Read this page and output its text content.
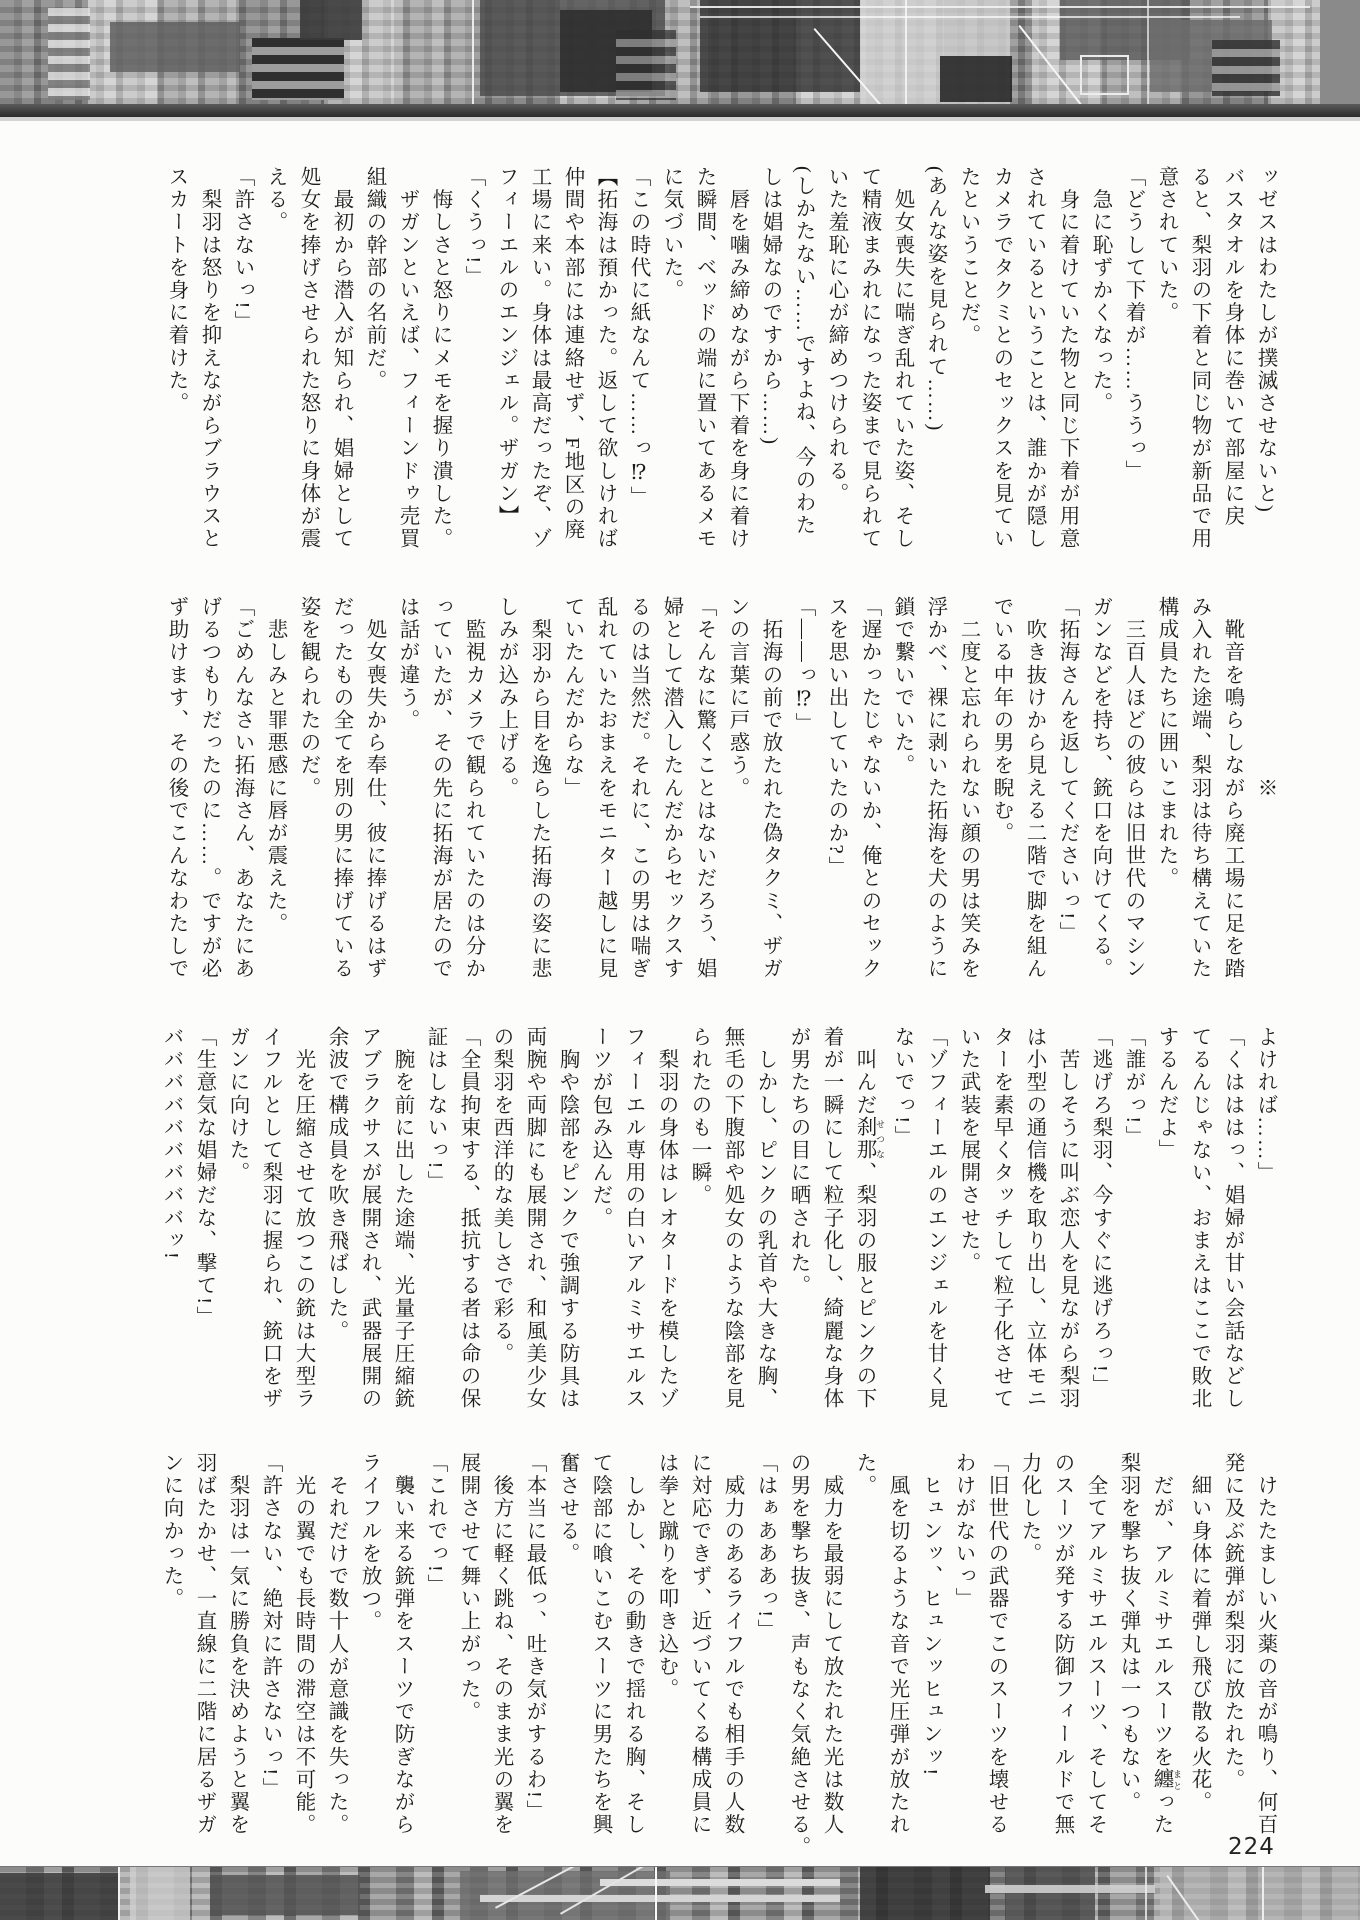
ッゼスはわたしが撲滅させないと)
バスタオルを身体に巻いて部屋に戻
ると、梨羽の下着と同じ物が新品で用
意されていた。
「どうして下着が……ううっ」
　急に恥ずかくなった。
　身に着けていた物と同じ下着が用意
されているということは、誰かが隠し
カメラでタクミとのセックスを見てい
たということだ。
(あんな姿を見られて……)
　処女喪失に喘ぎ乱れていた姿、そし
て精液まみれになった姿まで見られて
いた羞恥に心が締めつけられる。
(しかたない……ですよね、今のわた
しは娼婦なのですから……)
　唇を噛み締めながら下着を身に着け
た瞬間、ベッドの端に置いてあるメモ
に気づいた。
「この時代に紙なんて……っ⁉」
【拓海は預かった。返して欲しければ
仲間や本部には連絡せず、F地区の廃
工場に来い。身体は最高だったぞ、ゾ
フィーエルのエンジェル。ザガン】
「くうっ!」
　悔しさと怒りにメモを握り潰した。
　ザガンといえば、フィーンドゥ売買
組織の幹部の名前だ。
　最初から潜入が知られ、娼婦として
処女を捧げさせられた怒りに身体が震
える。
「許さないっ!」
　梨羽は怒りを抑えながらブラウスと
スカートを身に着けた。
　　　　　　　　※
　靴音を鳴らしながら廃工場に足を踏
み入れた途端、梨羽は待ち構えていた
構成員たちに囲いこまれた。
　三百人ほどの彼らは旧世代のマシン
ガンなどを持ち、銃口を向けてくる。
「拓海さんを返してくださいっ!」
　吹き抜けから見える二階で脚を組ん
でいる中年の男を睨む。
　二度と忘れられない顔の男は笑みを
浮かべ、裸に剥いた拓海を犬のように
鎖で繋いでいた。
「遅かったじゃないか、俺とのセック
スを思い出していたのか?」
「――っ⁉」
　拓海の前で放たれた偽タクミ、ザガ
ンの言葉に戸惑う。
「そんなに驚くことはないだろう、娼
婦として潜入したんだからセックスす
るのは当然だ。それに、この男は喘ぎ
乱れていたおまえをモニター越しに見
ていたんだからな」
　梨羽から目を逸らした拓海の姿に悲
しみが込み上げる。
　監視カメラで観られていたのは分か
っていたが、その先に拓海が居たので
は話が違う。
　処女喪失から奉仕、彼に捧げるはず
だったもの全てを別の男に捧げている
姿を観られたのだ。
　悲しみと罪悪感に唇が震えた。
「ごめんなさい拓海さん、あなたにあ
げるつもりだったのに……。ですが必
ず助けます、その後でこんなわたしで
よければ……」
「くはははっ、娼婦が甘い会話などし
てるんじゃない、おまえはここで敗北
するんだよ」
「誰がっ!」
「逃げろ梨羽、今すぐに逃げろっ!」
　苦しそうに叫ぶ恋人を見ながら梨羽
は小型の通信機を取り出し、立体モニ
ターを素早くタッチして粒子化させて
いた武装を展開させた。
「ゾフィーエルのエンジェルを甘く見
ないでっ!」
　叫んだ刹那 せつな、梨羽の服とピンクの下
着が一瞬にして粒子化し、綺麗な身体
が男たちの目に晒された。
　しかし、ピンクの乳首や大きな胸、
無毛の下腹部や処女のような陰部を見
られたのも一瞬。
　梨羽の身体はレオタードを模したゾ
フィーエル専用の白いアルミサエルス
ーツが包み込んだ。
　胸や陰部をピンクで強調する防具は
両腕や両脚にも展開され、和風美少女
の梨羽を西洋的な美しさで彩る。
「全員拘束する、抵抗する者は命の保
証はしないっ!」
　腕を前に出した途端、光量子圧縮銃
アブラクサスが展開され、武器展開の
余波で構成員を吹き飛ばした。
　光を圧縮させて放つこの銃は大型ラ
イフルとして梨羽に握られ、銃口をザ
ガンに向けた。
「生意気な娼婦だな、撃て!」
バババババババババッ!
　けたたましい火薬の音が鳴り、何百
発に及ぶ銃弾が梨羽に放たれた。
　細い身体に着弾し飛び散る火花。
　だが、アルミサエルスーツを纏 まとった
梨羽を撃ち抜く弾丸は一つもない。
　全てアルミサエルスーツ、そしてそ
のスーツが発する防御フィールドで無
力化した。
「旧世代の武器でこのスーツを壊せる
わけがないっ」
　ヒュンッ、ヒュンッヒュンッ!
　風を切るような音で光圧弾が放たれ
た。
　威力を最弱にして放たれた光は数人
の男を撃ち抜き、声もなく気絶させる。
「はぁあああっ!」
　威力のあるライフルでも相手の人数
に対応できず、近づいてくる構成員に
は拳と蹴りを叩き込む。
　しかし、その動きで揺れる胸、そし
て陰部に喰いこむスーツに男たちを興
奮させる。
「本当に最低っ、吐き気がするわ!」
　後方に軽く跳ね、そのまま光の翼を
展開させて舞い上がった。
「これでっ!」
　襲い来る銃弾をスーツで防ぎながら
ライフルを放つ。
　それだけで数十人が意識を失った。
　光の翼でも長時間の滞空は不可能。
「許さない、絶対に許さないっ!」
　梨羽は一気に勝負を決めようと翼を
羽ばたかせ、一直線に二階に居るザガ
ンに向かった。
224
